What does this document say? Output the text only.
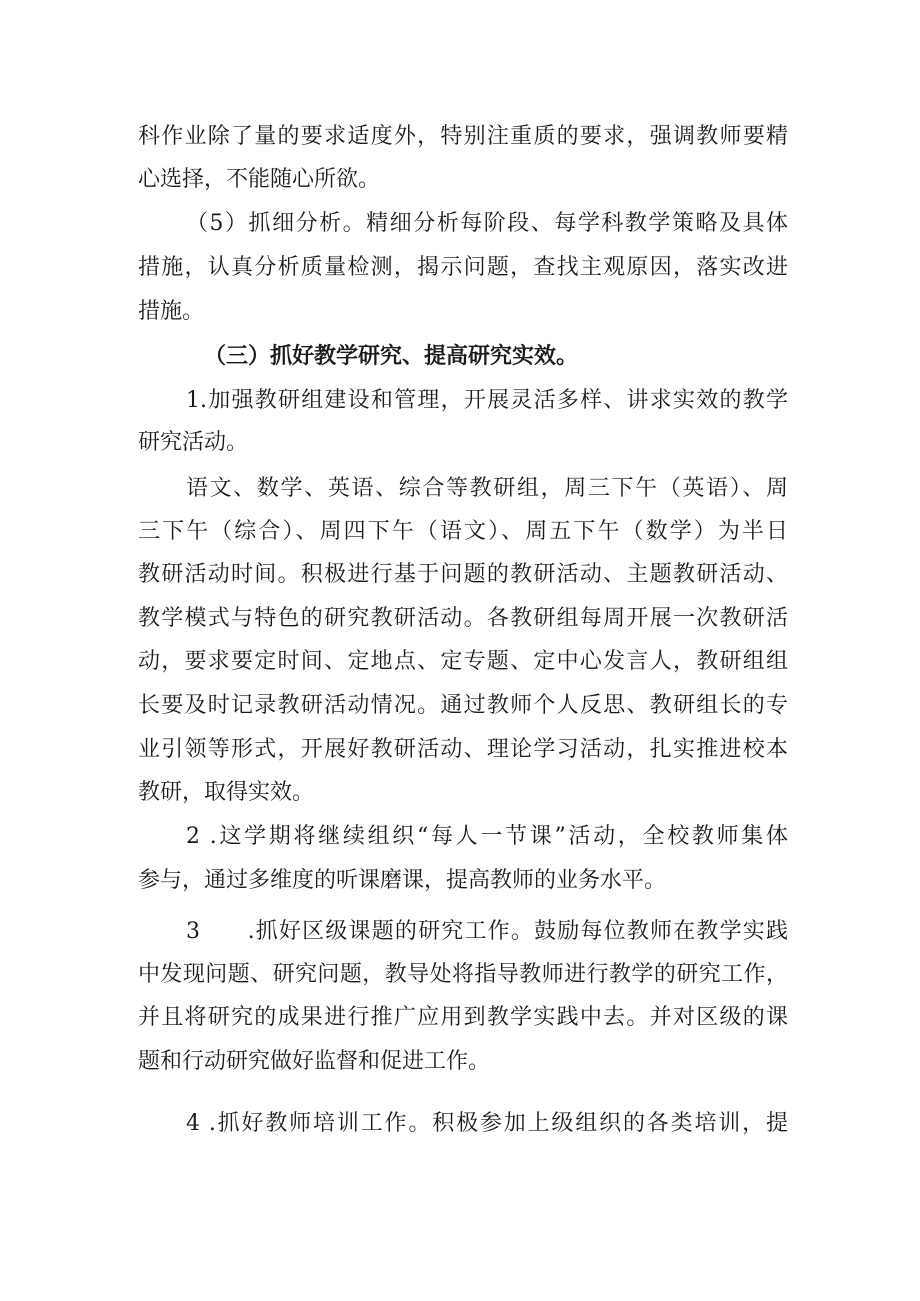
科作业除了量的要求适度外，特别注重质的要求，强调教师要精
心选择，不能随心所欲。
（5）抓细分析。精细分析每阶段、每学科教学策略及具体
措施，认真分析质量检测，揭示问题，查找主观原因，落实改进
措施。
（三）抓好教学研究、提高研究实效。
1.加强教研组建设和管理，开展灵活多样、讲求实效的教学
研究活动。
语文、数学、英语、综合等教研组，周三下午（英语）、周
三下午（综合）、周四下午（语文）、周五下午（数学）为半日
教研活动时间。积极进行基于问题的教研活动、主题教研活动、
教学模式与特色的研究教研活动。各教研组每周开展一次教研活
动，要求要定时间、定地点、定专题、定中心发言人，教研组组
长要及时记录教研活动情况。通过教师个人反思、教研组长的专
业引领等形式，开展好教研活动、理论学习活动，扎实推进校本
教研，取得实效。
2 .这学期将继续组织“每人一节课”活动，全校教师集体
参与，通过多维度的听课磨课，提高教师的业务水平。
3　　.抓好区级课题的研究工作。鼓励每位教师在教学实践
中发现问题、研究问题，教导处将指导教师进行教学的研究工作，
并且将研究的成果进行推广应用到教学实践中去。并对区级的课
题和行动研究做好监督和促进工作。
4 .抓好教师培训工作。积极参加上级组织的各类培训，提
